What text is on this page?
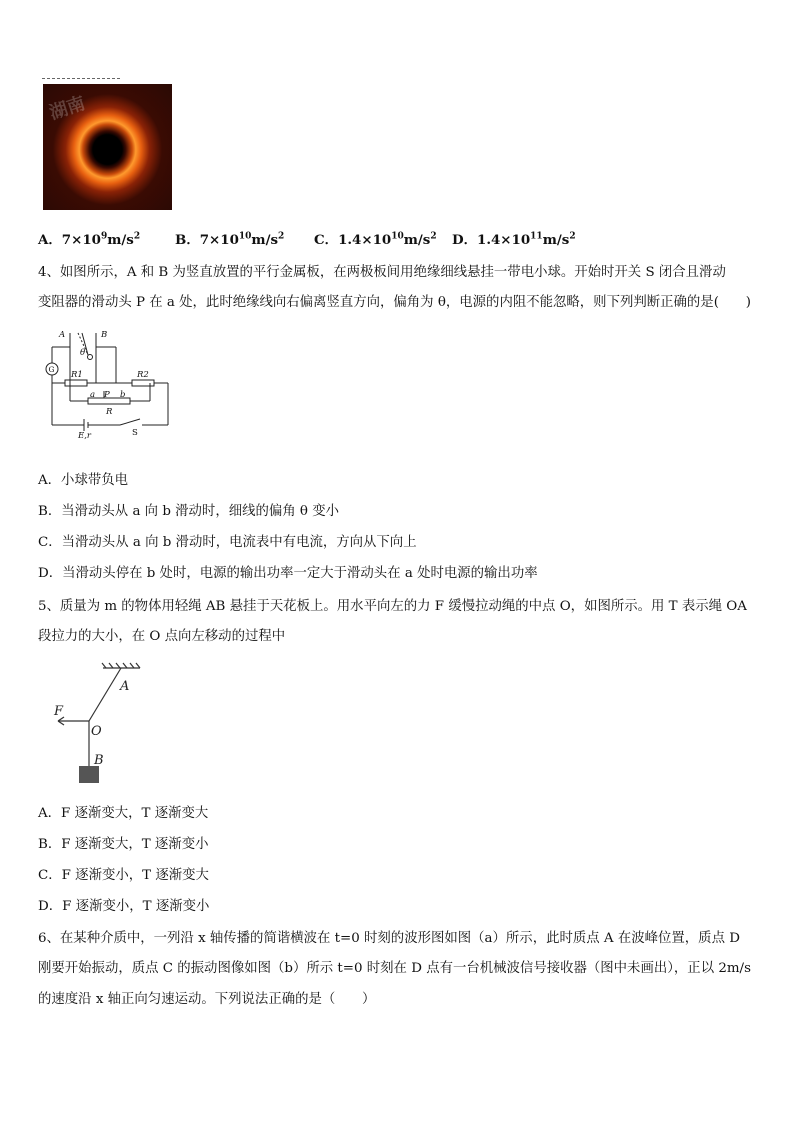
湖南
A．$7\times 10^9m/s^2$	B．$7\times 10^{10}m/s^2$ C．$1.4\times 10^{10}m/s^2$ D．$1.4\times 10^{11}m/s^2$
4、如图所示，A 和 B 为竖直放置的平行金属板，在两极板间用绝缘细线悬挂一带电小球。开始时开关 S 闭合且滑动
变阻器的滑动头 P 在 a 处，此时绝缘线向右偏离竖直方向，偏角为 θ，电源的内阻不能忽略，则下列判断正确的是(　　)
A	B
θ
G
R1	R2
a P b
R
E,r	S
A．小球带负电
B．当滑动头从 a 向 b 滑动时，细线的偏角 θ 变小
C．当滑动头从 a 向 b 滑动时，电流表中有电流，方向从下向上
D．当滑动头停在 b 处时，电源的输出功率一定大于滑动头在 a 处时电源的输出功率
5、质量为 m 的物体用轻绳 AB 悬挂于天花板上。用水平向左的力 F 缓慢拉动绳的中点 O，如图所示。用 T 表示绳 OA
段拉力的大小，在 O 点向左移动的过程中
A
F
O
B
A．F 逐渐变大，T 逐渐变大
B．F 逐渐变大，T 逐渐变小
C．F 逐渐变小，T 逐渐变大
D．F 逐渐变小，T 逐渐变小
6、在某种介质中，一列沿 x 轴传播的简谐横波在 t=0 时刻的波形图如图（a）所示，此时质点 A 在波峰位置，质点 D
刚要开始振动，质点 C 的振动图像如图（b）所示 t=0 时刻在 D 点有一台机械波信号接收器（图中未画出），正以 2m/s
的速度沿 x 轴正向匀速运动。下列说法正确的是（　　）
